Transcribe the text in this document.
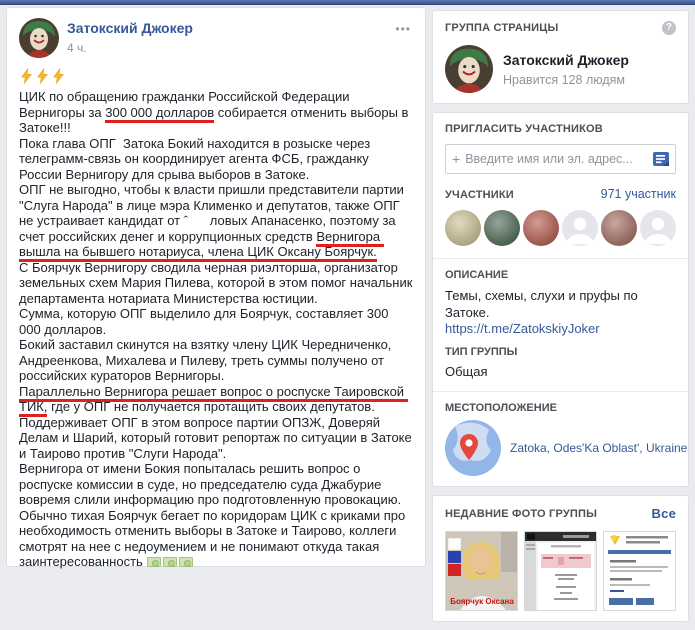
Затокский Джокер
4 ч.
•••
ЦИК по обращению гражданки Российской Федерации Вернигоры за 300 000 долларов собирается отменить выборы в Затоке!!!
Пока глава ОПГ  Затока Бокий находится в розыске через телеграмм-связь он координирует агента ФСБ, гражданку России Вернигору для срыва выборов в Затоке.
ОПГ не выгодно, чтобы к власти пришли представители партии "Слуга Народа" в лице мэра Клименко и депутатов, также ОПГ не устраивает кандидат от ˆ      ловых Апанасенко, поэтому за счет российских денег и коррупционных средств Вернигора вышла на бывшего нотариуса, члена ЦИК Оксану Боярчук.
С Боярчук Вернигору сводила черная риэлторша, организатор земельных схем Мария Пилева, которой в этом помог начальник департамента нотариата Министерства юстиции.
Сумма, которую ОПГ выделило для Боярчук, составляет 300 000 долларов.
Бокий заставил скинутся на взятку члену ЦИК Чередниченко, Андреенкова, Михалева и Пилеву, треть суммы получено от российских кураторов Вернигоры.
Параллельно Вернигора решает вопрос о роспуске Таировской ТИК, где у ОПГ не получается протащить своих депутатов.
Поддерживает ОПГ в этом вопросе партии ОПЗЖ, Доверяй Делам и Шарий, который готовит репортаж по ситуации в Затоке и Таирово против "Слуги Народа".
Вернигора от имени Бокия попыталась решить вопрос о роспуске комиссии в суде, но председателю суда Джабурие вовремя слили информацию про подготовленную провокацию.
Обычно тихая Боярчук бегает по коридорам ЦИК с криками про необходимость отменить выборы в Затоке и Таирово, коллеги смотрят на нее с недоумением и не понимают откуда такая заинтересованность
ГРУППА СТРАНИЦЫ	?
Затокский Джокер
Нравится 128 людям
ПРИГЛАСИТЬ УЧАСТНИКОВ
+
Введите имя или эл. адрес...
УЧАСТНИКИ	971 участник
ОПИСАНИЕ
Темы, схемы, слухи и пруфы по Затоке.
https://t.me/ZatokskiyJoker
ТИП ГРУППЫ
Общая
МЕСТОПОЛОЖЕНИЕ
Zatoka, Odes'Ka Oblast', Ukraine
НЕДАВНИЕ ФОТО ГРУППЫ	Все
Боярчук Оксана
